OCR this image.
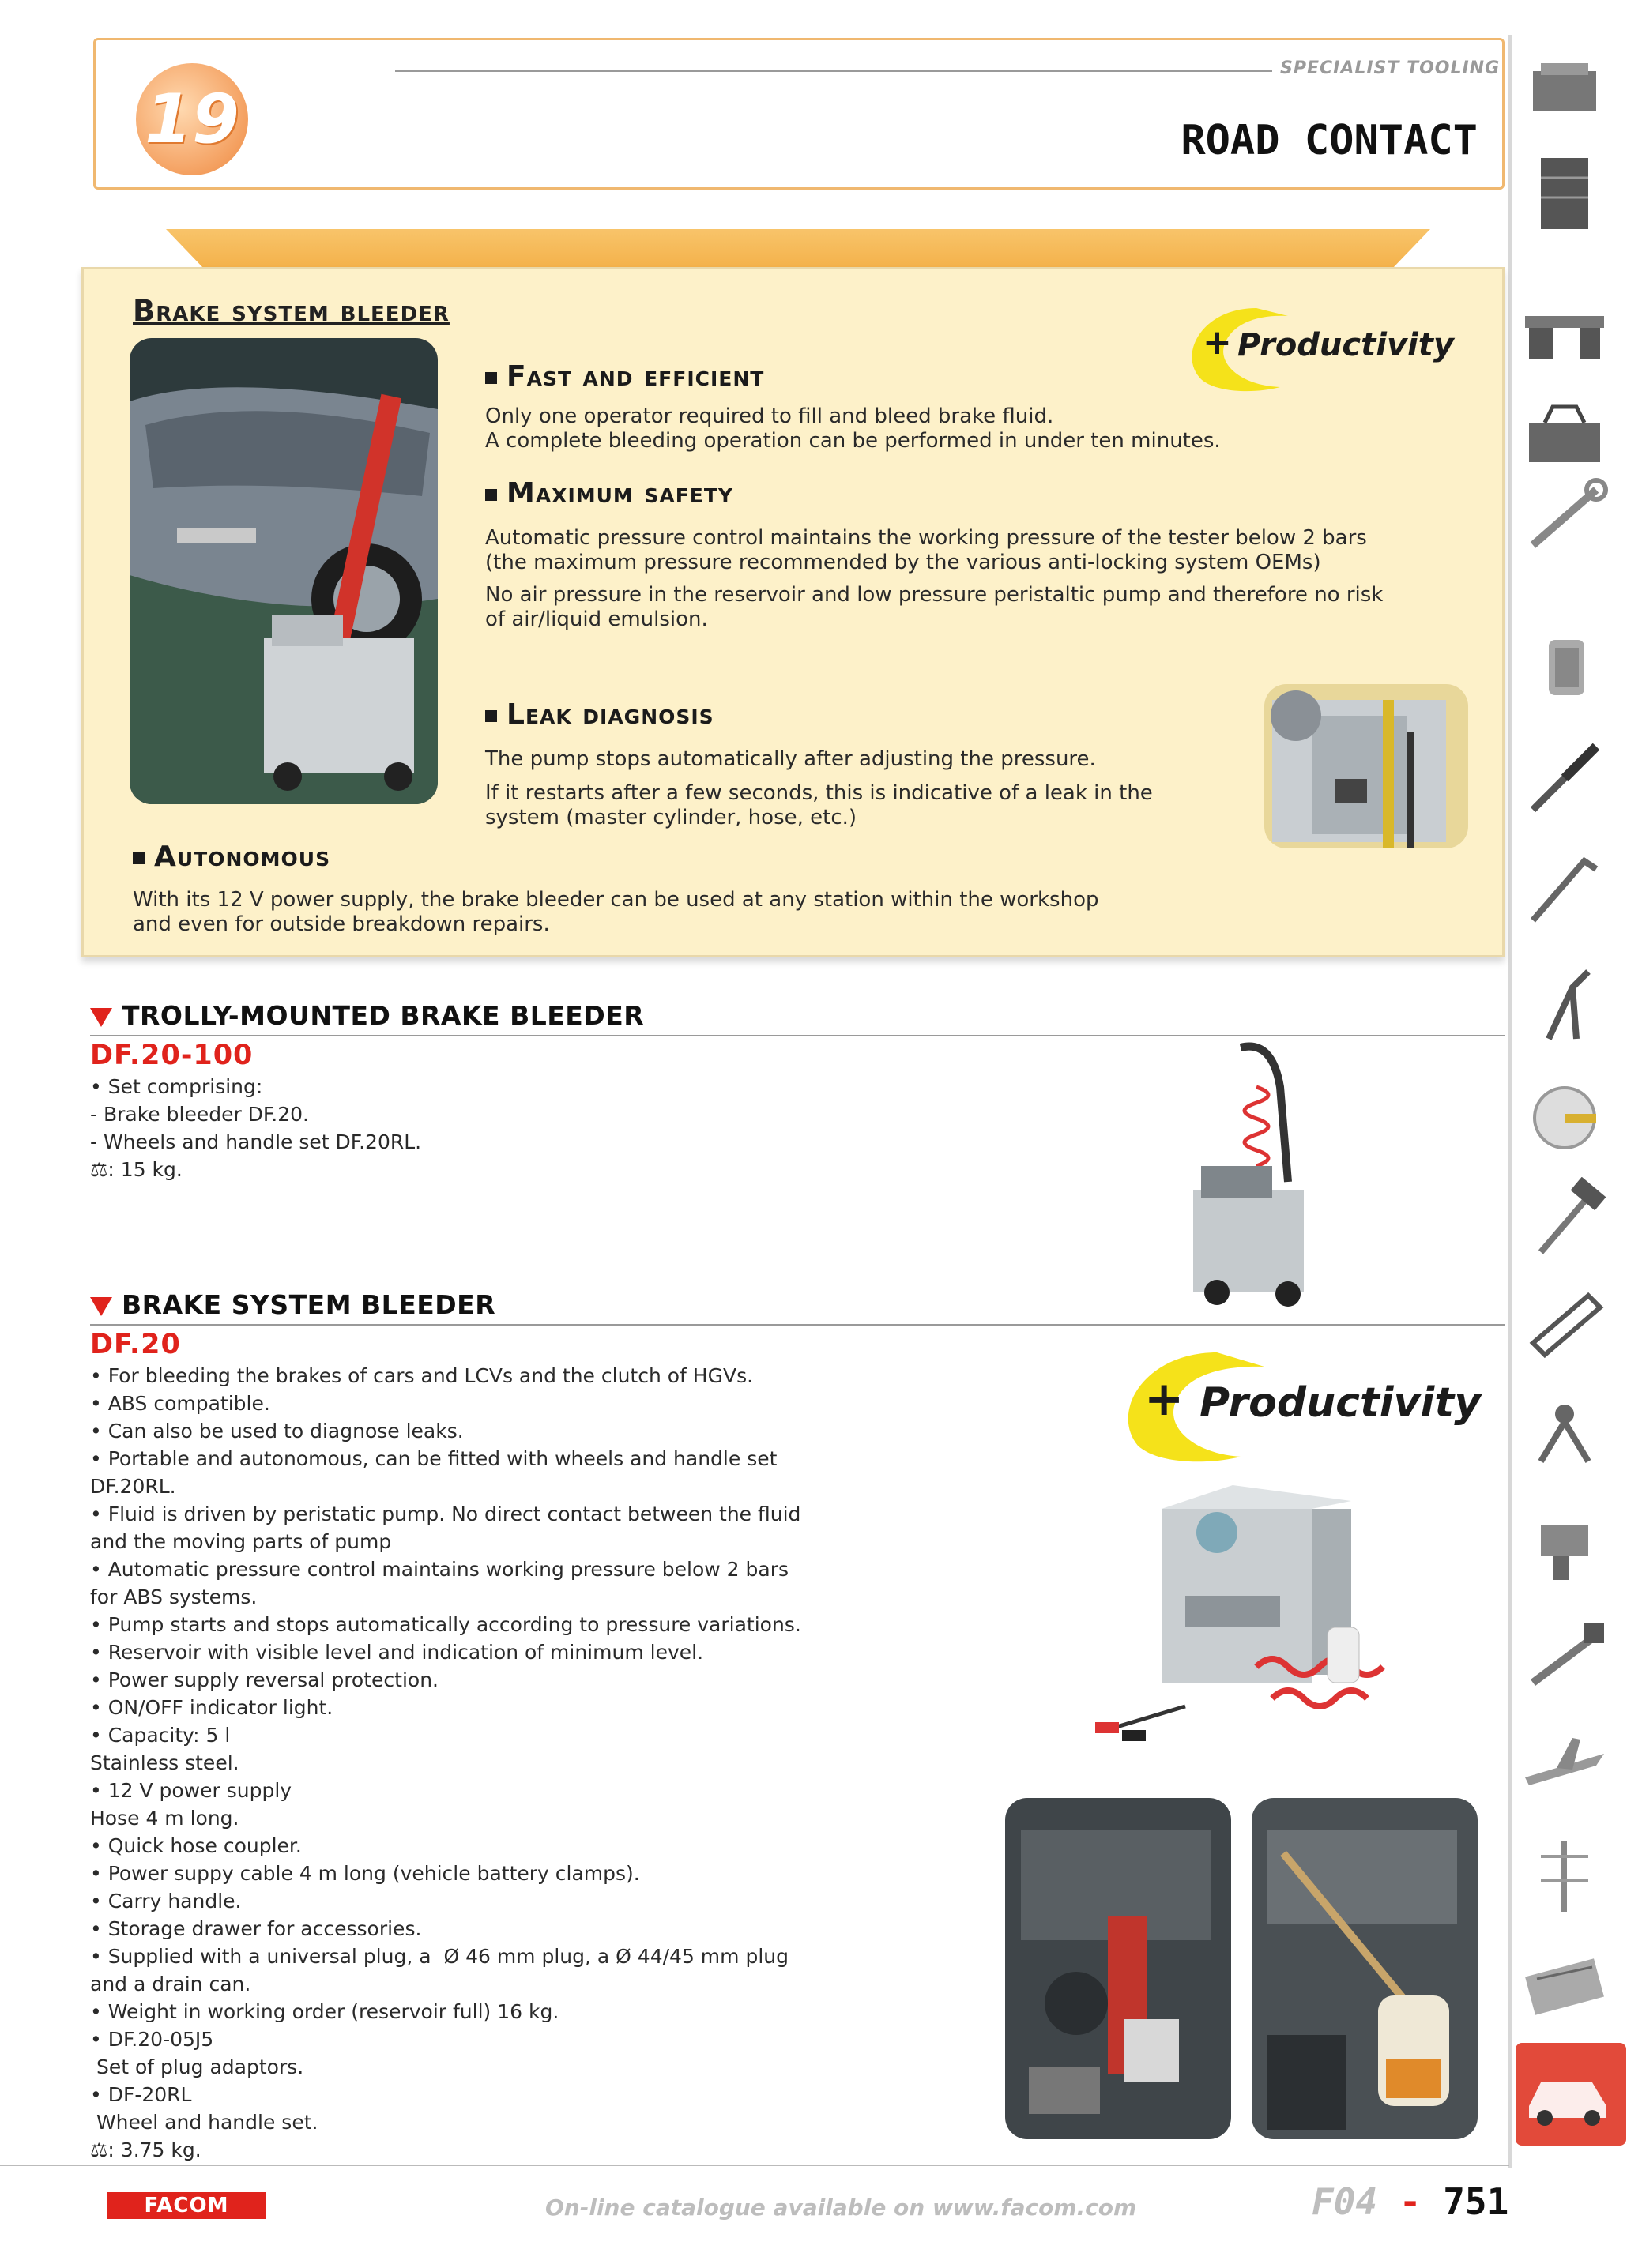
19
SPECIALIST TOOLING
ROAD CONTACT
Brake system bleeder
+ Productivity
Fast and efficient
Only one operator required to fill and bleed brake fluid.
A complete bleeding operation can be performed in under ten minutes.
Maximum safety
Automatic pressure control maintains the working pressure of the tester below 2 bars
(the maximum pressure recommended by the various anti-locking system OEMs)
No air pressure in the reservoir and low pressure peristaltic pump and therefore no risk
of air/liquid emulsion.
Leak diagnosis
The pump stops automatically after adjusting the pressure.
If it restarts after a few seconds, this is indicative of a leak in the
system (master cylinder, hose, etc.)
Autonomous
With its 12 V power supply, the brake bleeder can be used at any station within the workshop
and even for outside breakdown repairs.
TROLLY-MOUNTED BRAKE BLEEDER
DF.20-100
• Set comprising:
- Brake bleeder DF.20.
- Wheels and handle set DF.20RL.
⚖: 15 kg.
BRAKE SYSTEM BLEEDER
DF.20
• For bleeding the brakes of cars and LCVs and the clutch of HGVs.
• ABS compatible.
• Can also be used to diagnose leaks.
• Portable and autonomous, can be fitted with wheels and handle set
DF.20RL.
• Fluid is driven by peristatic pump. No direct contact between the fluid
and the moving parts of pump
• Automatic pressure control maintains working pressure below 2 bars
for ABS systems.
• Pump starts and stops automatically according to pressure variations.
• Reservoir with visible level and indication of minimum level.
• Power supply reversal protection.
• ON/OFF indicator light.
• Capacity: 5 l
Stainless steel.
• 12 V power supply
Hose 4 m long.
• Quick hose coupler.
• Power suppy cable 4 m long (vehicle battery clamps).
• Carry handle.
• Storage drawer for accessories.
• Supplied with a universal plug, a  Ø 46 mm plug, a Ø 44/45 mm plug
and a drain can.
• Weight in working order (reservoir full) 16 kg.
• DF.20-05J5
Set of plug adaptors.
• DF-20RL
Wheel and handle set.
⚖: 3.75 kg.
+ Productivity
FACOM	On-line catalogue available on www.facom.com	F04 - 751
